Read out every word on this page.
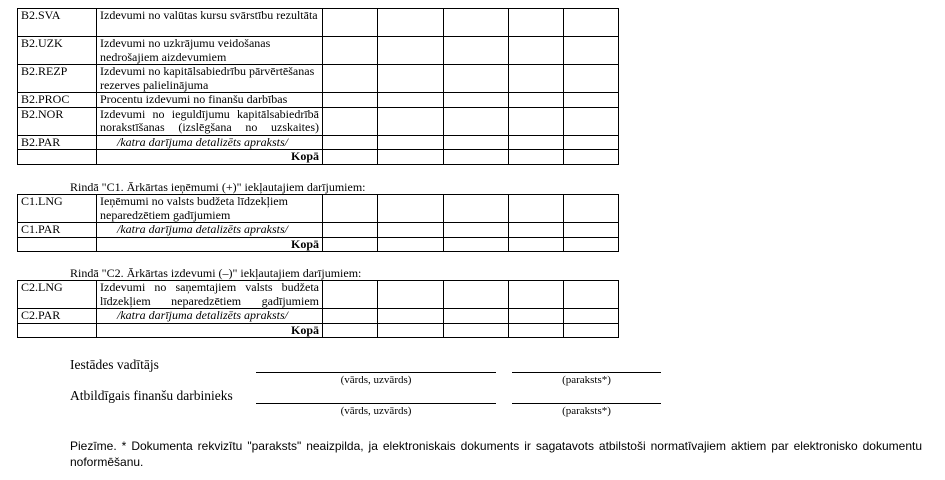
B2.SVA	Izdevumi no valūtas kursu svārstību rezultāta					
B2.UZK	Izdevumi no uzkrājumu veidošanas nedrošajiem aizdevumiem					
B2.REZP	Izdevumi no kapitālsabiedrību pārvērtēšanas rezerves palielinājuma					
B2.PROC	Procentu izdevumi no finanšu darbības					
B2.NOR	Izdevumi no ieguldījumu kapitālsabiedrībā norakstīšanas (izslēgšana no uzskaites)					
B2.PAR	/katra darījuma detalizēts apraksts/					
	Kopā					
Rindā "C1. Ārkārtas ieņēmumi (+)" iekļautajiem darījumiem:
C1.LNG	Ieņēmumi no valsts budžeta līdzekļiem neparedzētiem gadījumiem					
C1.PAR	/katra darījuma detalizēts apraksts/					
	Kopā					
Rindā "C2. Ārkārtas izdevumi (–)" iekļautajiem darījumiem:
C2.LNG	Izdevumi no saņemtajiem valsts budžeta līdzekļiem neparedzētiem gadījumiem					
C2.PAR	/katra darījuma detalizēts apraksts/					
	Kopā					
Iestādes vadītājs
(vārds, uzvārds)	(paraksts*)
Atbildīgais finanšu darbinieks
(vārds, uzvārds)	(paraksts*)
Piezīme. * Dokumenta rekvizītu "paraksts" neaizpilda, ja elektroniskais dokuments ir sagatavots atbilstoši normatīvajiem aktiem par elektronisko dokumentu noformēšanu.
